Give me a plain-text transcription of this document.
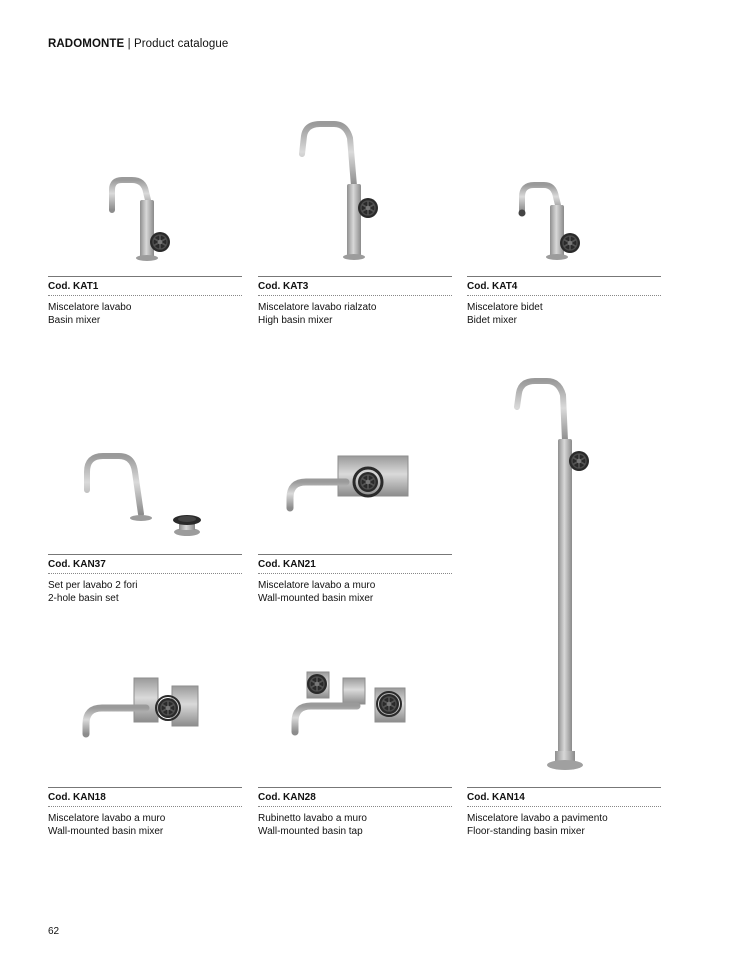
RADOMONTE | Product catalogue
Cod. KAT1
Miscelatore lavabo
Basin mixer
Cod. KAT3
Miscelatore lavabo rialzato
High basin mixer
Cod. KAT4
Miscelatore bidet
Bidet mixer
Cod. KAN37
Set per lavabo 2 fori
2-hole basin set
Cod. KAN21
Miscelatore lavabo a muro
Wall-mounted basin mixer
Cod. KAN18
Miscelatore lavabo a muro
Wall-mounted basin mixer
Cod. KAN28
Rubinetto lavabo a muro
Wall-mounted basin tap
Cod. KAN14
Miscelatore lavabo a pavimento
Floor-standing basin mixer
62
